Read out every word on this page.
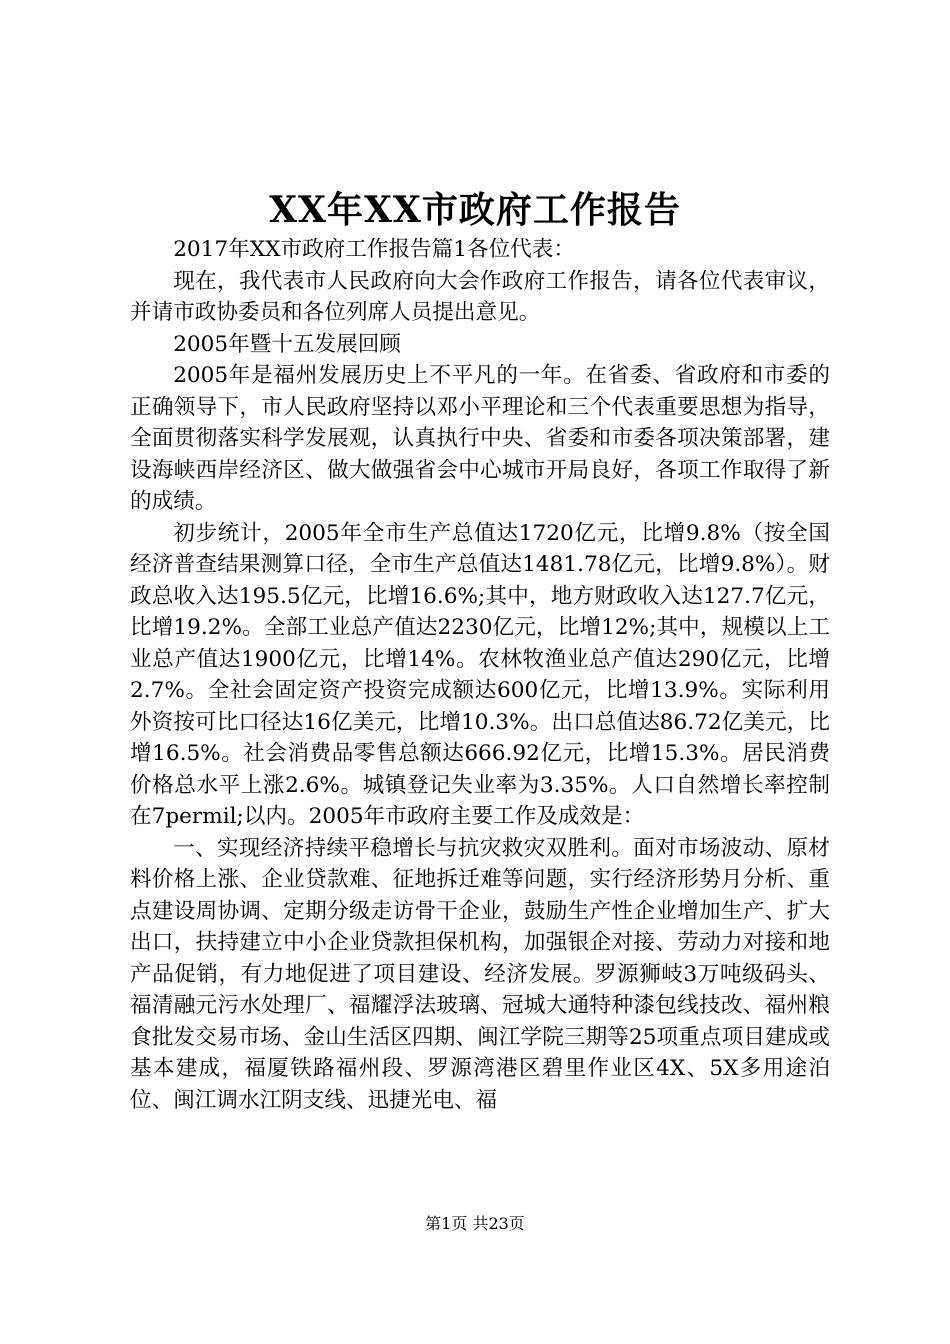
XX年XX市政府工作报告

2017年XX市政府工作报告篇1各位代表：

现在，我代表市人民政府向大会作政府工作报告，请各位代表审议，并请市政协委员和各位列席人员提出意见。

2005年暨十五发展回顾

2005年是福州发展历史上不平凡的一年。在省委、省政府和市委的正确领导下，市人民政府坚持以邓小平理论和三个代表重要思想为指导，全面贯彻落实科学发展观，认真执行中央、省委和市委各项决策部署，建设海峡西岸经济区、做大做强省会中心城市开局良好，各项工作取得了新的成绩。

初步统计，2005年全市生产总值达1720亿元，比增9.8%（按全国经济普查结果测算口径，全市生产总值达1481.78亿元，比增9.8%）。财政总收入达195.5亿元，比增16.6%;其中，地方财政收入达127.7亿元，比增19.2%。全部工业总产值达2230亿元，比增12%;其中，规模以上工业总产值达1900亿元，比增14%。农林牧渔业总产值达290亿元，比增2.7%。全社会固定资产投资完成额达600亿元，比增13.9%。实际利用外资按可比口径达16亿美元，比增10.3%。出口总值达86.72亿美元，比增16.5%。社会消费品零售总额达666.92亿元，比增15.3%。居民消费价格总水平上涨2.6%。城镇登记失业率为3.35%。人口自然增长率控制在7permil;以内。2005年市政府主要工作及成效是：

一、实现经济持续平稳增长与抗灾救灾双胜利。面对市场波动、原材料价格上涨、企业贷款难、征地拆迁难等问题，实行经济形势月分析、重点建设周协调、定期分级走访骨干企业，鼓励生产性企业增加生产、扩大出口，扶持建立中小企业贷款担保机构，加强银企对接、劳动力对接和地产品促销，有力地促进了项目建设、经济发展。罗源狮岐3万吨级码头、福清融元污水处理厂、福耀浮法玻璃、冠城大通特种漆包线技改、福州粮食批发交易市场、金山生活区四期、闽江学院三期等25项重点项目建成或基本建成，福厦铁路福州段、罗源湾港区碧里作业区4X、5X多用途泊位、闽江调水江阴支线、迅捷光电、福

第1页 共23页
